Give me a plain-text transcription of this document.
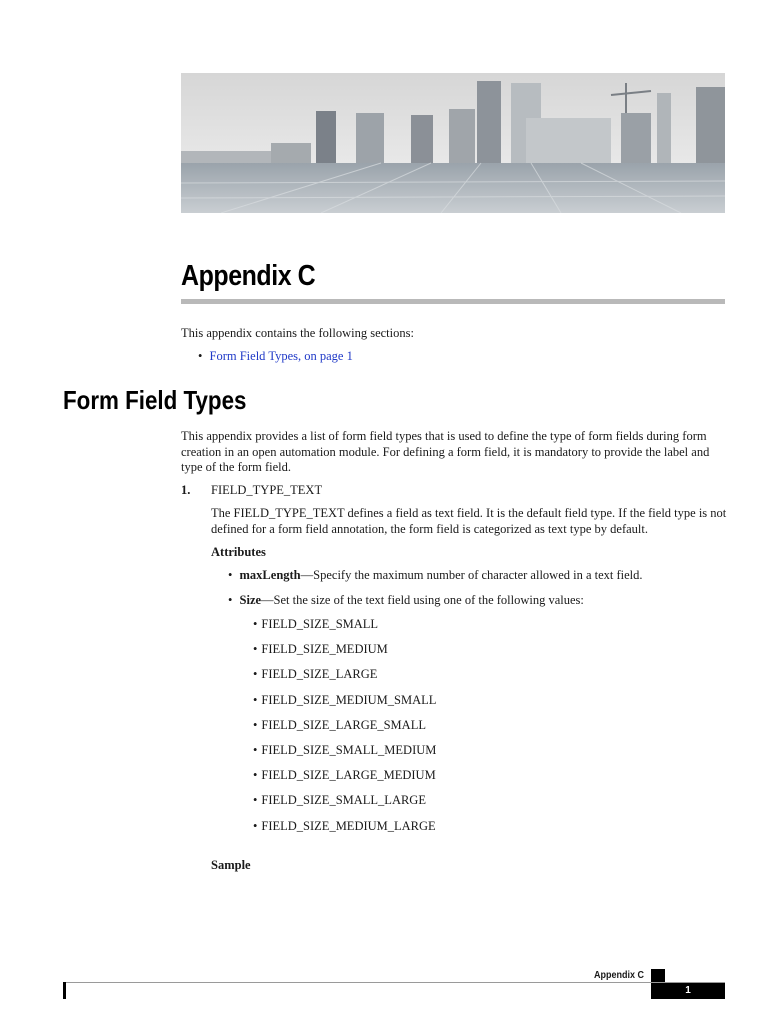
Appendix C

This appendix contains the following sections:

• Form Field Types, on page 1
Form Field Types

This appendix provides a list of form field types that is used to define the type of form fields during form creation in an open automation module. For defining a form field, it is mandatory to provide the label and type of the form field.

1. FIELD_TYPE_TEXT

The FIELD_TYPE_TEXT defines a field as text field. It is the default field type. If the field type is not defined for a form field annotation, the form field is categorized as text type by default.

Attributes

• maxLength—Specify the maximum number of character allowed in a text field.
• Size—Set the size of the text field using one of the following values:
• FIELD_SIZE_SMALL
• FIELD_SIZE_MEDIUM
• FIELD_SIZE_LARGE
• FIELD_SIZE_MEDIUM_SMALL
• FIELD_SIZE_LARGE_SMALL
• FIELD_SIZE_SMALL_MEDIUM
• FIELD_SIZE_LARGE_MEDIUM
• FIELD_SIZE_SMALL_LARGE
• FIELD_SIZE_MEDIUM_LARGE

Sample

Appendix C
1
